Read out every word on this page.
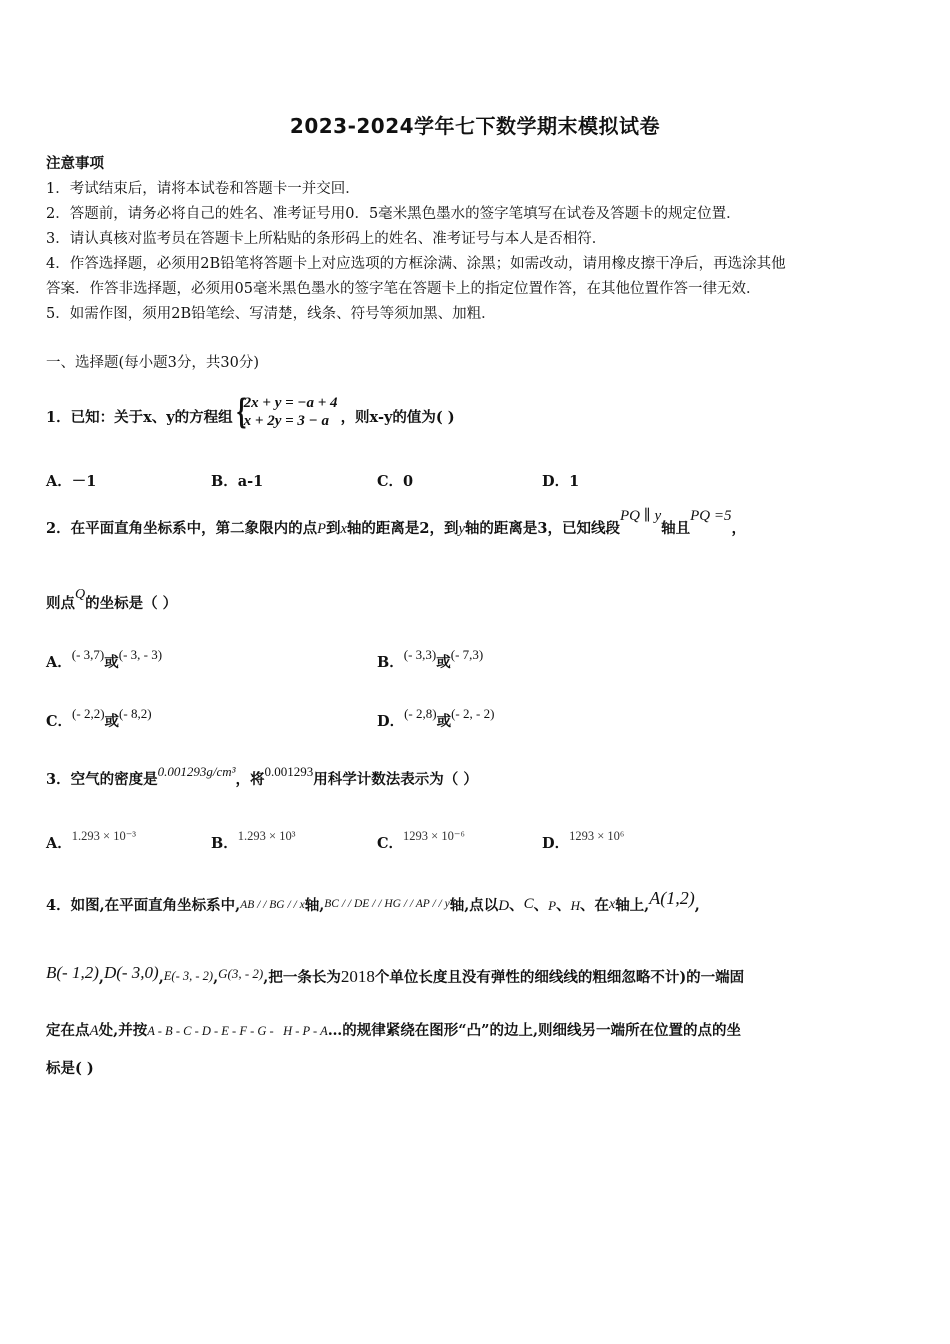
2023-2024学年七下数学期末模拟试卷
注意事项
1．考试结束后，请将本试卷和答题卡一并交回．
2．答题前，请务必将自己的姓名、准考证号用0．5毫米黑色墨水的签字笔填写在试卷及答题卡的规定位置．
3．请认真核对监考员在答题卡上所粘贴的条形码上的姓名、准考证号与本人是否相符．
4．作答选择题，必须用2B铅笔将答题卡上对应选项的方框涂满、涂黑；如需改动，请用橡皮擦干净后，再选涂其他
答案．作答非选择题，必须用05毫米黑色墨水的签字笔在答题卡上的指定位置作答，在其他位置作答一律无效．
5．如需作图，须用2B铅笔绘、写清楚，线条、符号等须加黑、加粗．
一、选择题(每小题3分，共30分)
1．已知：关于x、y的方程组 {
2x + y = −a + 4
x + 2y = 3 − a ，则x-y的值为( )
A．－1	B．a-1	C．0	D．1
2．在平面直角坐标系中，第二象限内的点P到x轴的距离是2，到y轴的距离是3，已知线段PQ ∥ y轴且PQ =5，
则点Q的坐标是（ ）
A．(- 3,7)或(- 3, - 3)	B．(- 3,3)或(- 7,3)
C．(- 2,2)或(- 8,2)	D．(- 2,8)或(- 2, - 2)
3．空气的密度是0.001293g/cm³，将0.001293用科学计数法表示为（ ）
A．1.293 × 10⁻³	B．1.293 × 10³	C．1293 × 10⁻⁶	D．1293 × 10⁶
4．如图,在平面直角坐标系中,AB / / BG / / x轴,$^{BC / / DE / / HG / / AP / / y}$轴,点以D、C、P、H、在x轴上,A(1,2),
B(- 1,2),D(- 3,0),E(- 3, - 2),G(3, - 2),把一条长为2018个单位长度且没有弹性的细线线的粗细忽略不计)的一端固
定在点A处,并按A - B - C - D - E - F - G -   H - P - A…的规律紧绕在图形“凸”的边上,则细线另一端所在位置的点的坐
标是( )
